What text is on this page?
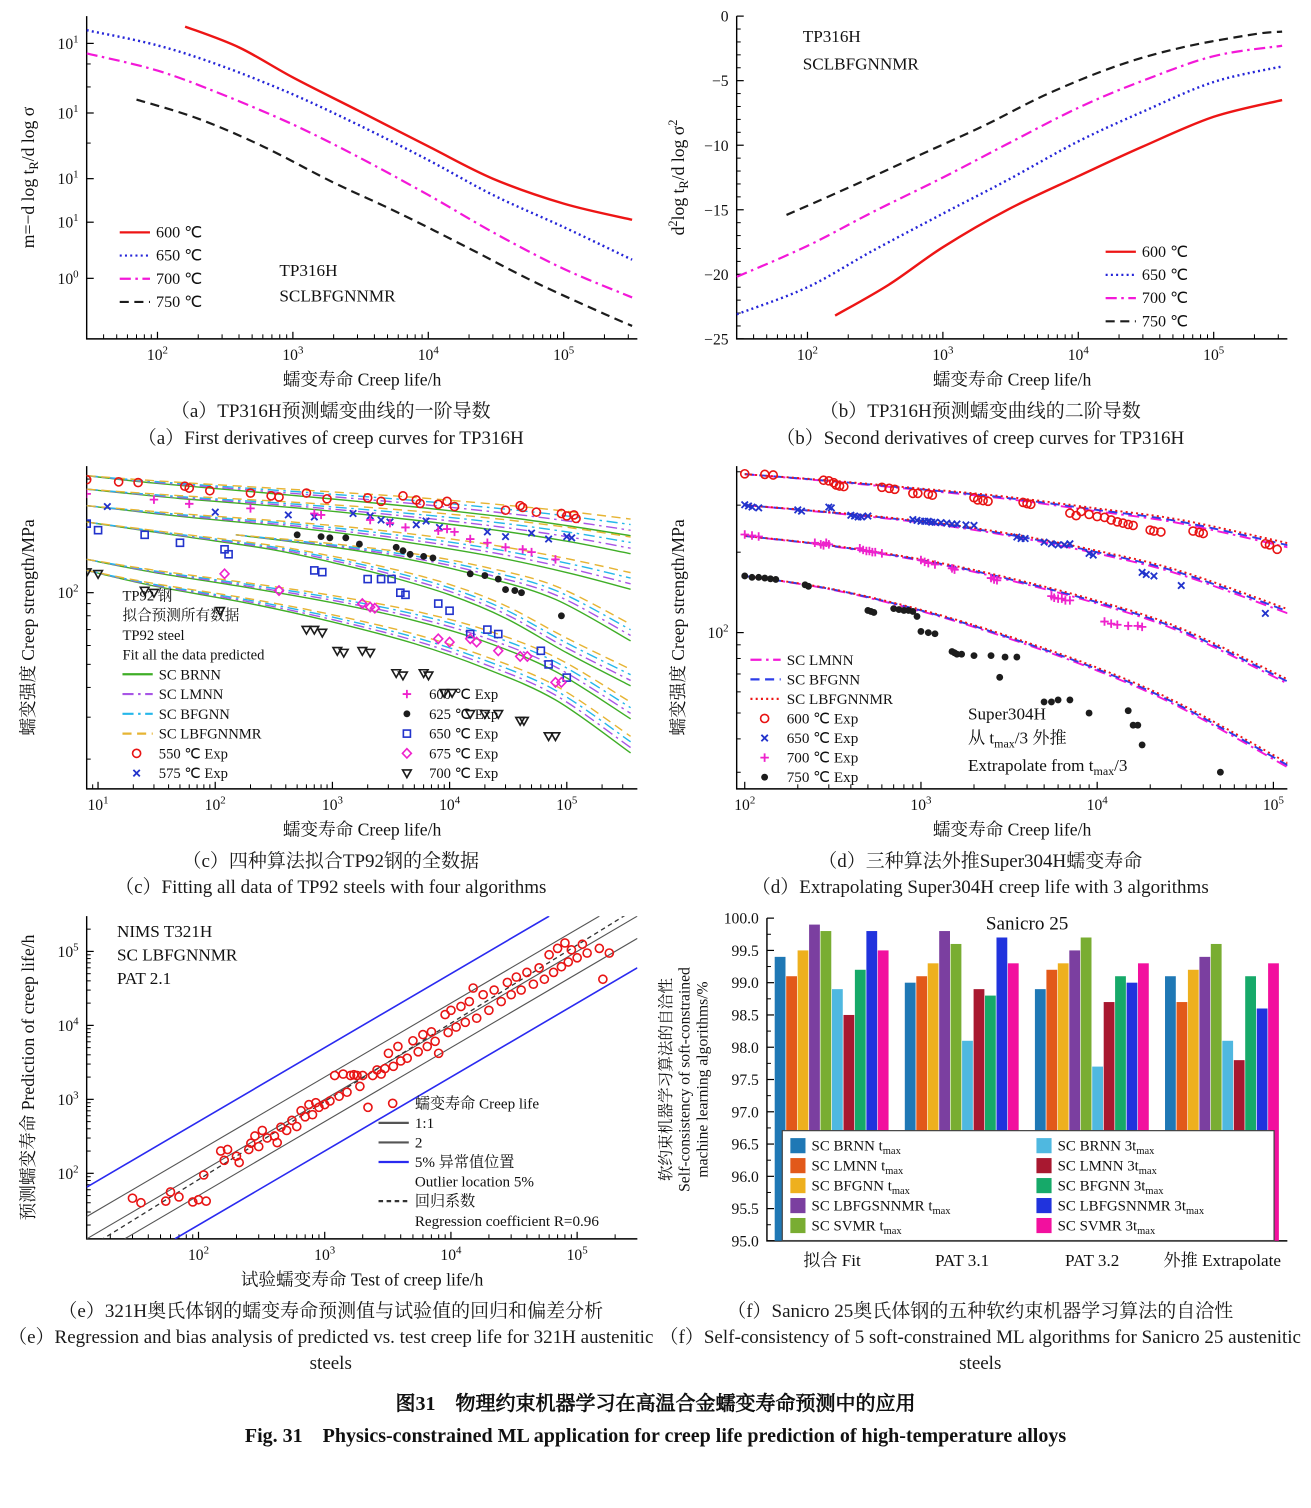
$10^0$
$10^1$
$10^1$
$10^1$
$10^1$
$10^2$	$10^3$	$10^4$	$10^5$
蠕变寿命 Creep life/h
m=−d $\log t_R/d$ log σ
600 ℃
650 ℃
700 ℃
750 ℃
TP316H
SCLBFGNNMR
（a）TP316H预测蠕变曲线的一阶导数
（a）First derivatives of creep curves for TP316H
0
−5
−10
−15
−20
−25
$10^2$	$10^3$	$10^4$	$10^5$
蠕变寿命 Creep life/h
$d^2\log$ $t_R/d$ $\log \sigma^2$
600 ℃
650 ℃
700 ℃
750 ℃
TP316H
SCLBFGNNMR
（b）TP316H预测蠕变曲线的二阶导数
（b）Second derivatives of creep curves for TP316H
$10^2$
$10^1$	$10^2$	$10^3$	$10^4$	$10^5$
蠕变寿命 Creep life/h
蠕变强度 Creep strength/MPa	TP92 钢
拟合预测所有数据
TP92 steel
Fit all the data predicted
SC BRNN
SC LMNN
SC BFGNN
SC LBFGNNMR
550 ℃ Exp
575 ℃ Exp
600 ℃ Exp
625 ℃ Exp
650 ℃ Exp
675 ℃ Exp
700 ℃ Exp
（c）四种算法拟合TP92钢的全数据
（c）Fitting all data of TP92 steels with four algorithms
$10^2$
$10^2$	$10^3$	$10^4$	$10^5$
蠕变寿命 Creep life/h
蠕变强度 Creep strength/MPa	SC LMNN
SC BFGNN
SC LBFGNNMR
600 ℃ Exp
650 ℃ Exp
700 ℃ Exp
750 ℃ Exp
Super304H
从 $t_{max}/3$ 外推
Extrapolate from $t_{max}/3$
（d）三种算法外推Super304H蠕变寿命
（d）Extrapolating Super304H creep life with 3 algorithms
$10^2$
$10^3$
$10^4$
$10^5$
$10^2$	$10^3$	$10^4$	$10^5$
试验蠕变寿命 Test of creep life/h
预测蠕变寿命 Prediction of creep life/h	蠕变寿命 Creep life
1:1
2
5% 异常值位置
Outlier location 5%
回归系数
Regression coefficient R=0.96
NIMS T321H
SC LBFGNNMR
PAT 2.1
（e）321H奥氏体钢的蠕变寿命预测值与试验值的回归和偏差分析
（e）Regression and bias analysis of predicted vs. test creep life for 321H austenitic steels
95.0
95.5
96.0
96.5
97.0
97.5
98.0
98.5
99.0
99.5
100.0
软约束机器学习算法的自洽性 Self-consistency of soft-constrained machine learning algorithms/%
拟合 Fit	PAT 3.1	PAT 3.2	外推 Extrapolate
SC BRNN $t_{max}$
SC LMNN $t_{max}$
SC BFGNN $t_{max}$
SC LBFGSNNMR $t_{max}$
SC SVMR $t_{max}$
SC BRNN $3t_{max}$
SC LMNN $3t_{max}$
SC BFGNN $3t_{max}$
SC LBFGSNNMR $3t_{max}$
SC SVMR $3t_{max}$
Sanicro 25
（f）Sanicro 25奥氏体钢的五种软约束机器学习算法的自洽性
（f）Self-consistency of 5 soft-constrained ML algorithms for Sanicro 25 austenitic steels
图31　物理约束机器学习在高温合金蠕变寿命预测中的应用
Fig. 31　Physics-constrained ML application for creep life prediction of high-temperature alloys
